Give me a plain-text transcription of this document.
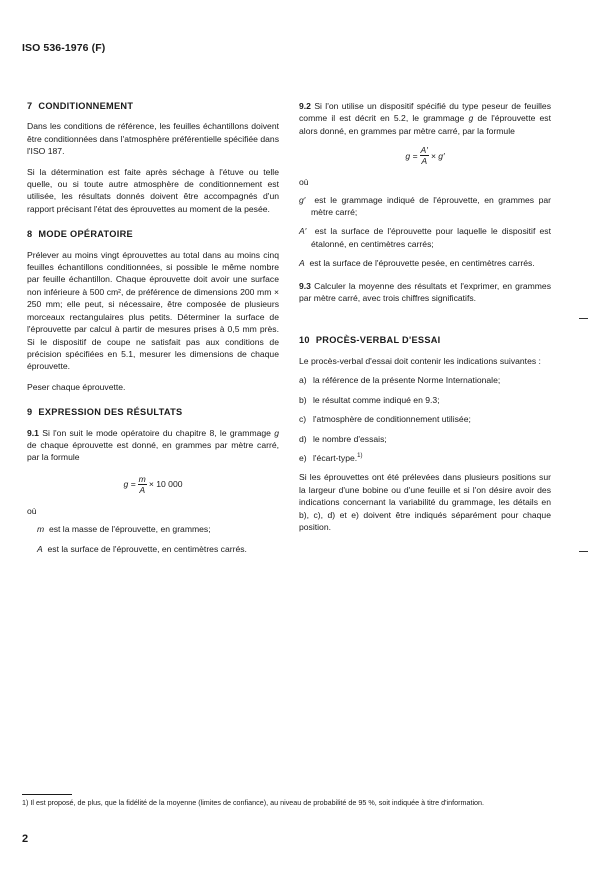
ISO 536-1976 (F)
7 CONDITIONNEMENT

Dans les conditions de référence, les feuilles échantillons doivent être conditionnées dans l'atmosphère préférentielle spécifiée dans l'ISO 187.

Si la détermination est faite après séchage à l'étuve ou telle quelle, ou si toute autre atmosphère de conditionnement est utilisée, les résultats donnés doivent être accompagnés d'un rapport précisant l'état des éprouvettes au moment de la pesée.

8 MODE OPÉRATOIRE

Prélever au moins vingt éprouvettes au total dans au moins cinq feuilles échantillons conditionnées, si possible le même nombre par feuille échantillon. Chaque éprouvette doit avoir une surface non inférieure à 500 cm², de préférence de dimensions 200 mm × 250 mm; elle peut, si nécessaire, être composée de plusieurs morceaux rectangulaires plus petits. Déterminer la surface de l'éprouvette par calcul à partir de mesures prises à 0,5 mm près. Si le dispositif de coupe ne satisfait pas aux conditions de précision spécifiées en 5.1, mesurer les dimensions de chaque éprouvette.

Peser chaque éprouvette.

9 EXPRESSION DES RÉSULTATS

9.1 Si l'on suit le mode opératoire du chapitre 8, le grammage g de chaque éprouvette est donné, en grammes par mètre carré, par la formule

$g = \frac{m}{A} \times 10$ 000

où

m est la masse de l'éprouvette, en grammes;

A est la surface de l'éprouvette, en centimètres carrés.

9.2 Si l'on utilise un dispositif spécifié du type peseur de feuilles comme il est décrit en 5.2, le grammage g de l'éprouvette est alors donné, en grammes par mètre carré, par la formule

$g = \frac{A'}{A} \times g'$

où

g′ est le grammage indiqué de l'éprouvette, en grammes par mètre carré;

A′ est la surface de l'éprouvette pour laquelle le dispositif est étalonné, en centimètres carrés;

A est la surface de l'éprouvette pesée, en centimètres carrés.

9.3 Calculer la moyenne des résultats et l'exprimer, en grammes par mètre carré, avec trois chiffres significatifs.

10 PROCÈS-VERBAL D'ESSAI

Le procès-verbal d'essai doit contenir les indications suivantes :

a) la référence de la présente Norme Internationale;

b) le résultat comme indiqué en 9.3;

c) l'atmosphère de conditionnement utilisée;

d) le nombre d'essais;

e) l'écart-type.$^{1)}$

Si les éprouvettes ont été prélevées dans plusieurs positions sur la largeur d'une bobine ou d'une feuille et si l'on désire avoir des indications concernant la variabilité du grammage, les détails en b), c), d) et e) doivent être indiqués séparément pour chaque position.

1) Il est proposé, de plus, que la fidélité de la moyenne (limites de confiance), au niveau de probabilité de 95 %, soit indiquée à titre d'information.
2
